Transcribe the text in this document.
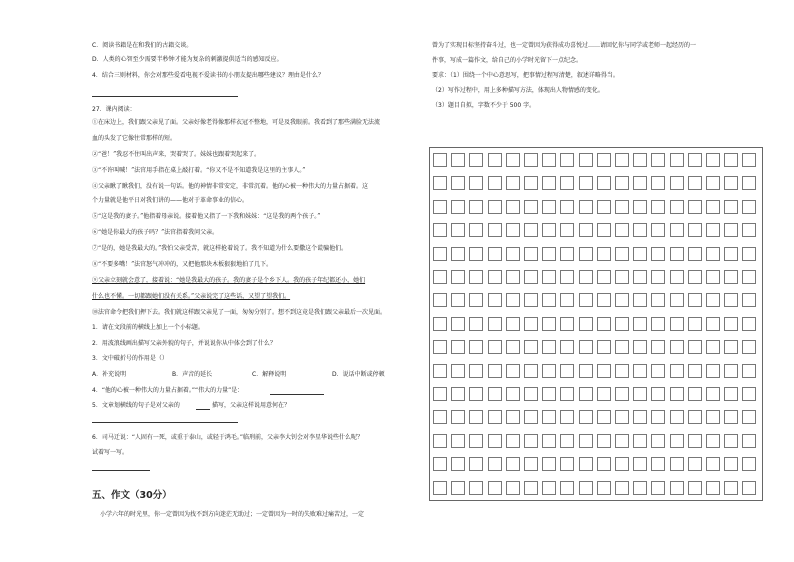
C．阅读书籍是在和我们的古籍交谈。
D．人类的心智至少需要半秒钟才能为复杂的刺激提供适当的感知反应。
4．结合三则材料，你会对那些爱看电视不爱读书的小朋友提出哪些建议？理由是什么？
27．课内阅读：
①在床边上，我们跟父亲见了面。父亲好像老得像那样衣冠不整地，可是及我眼前。我看到了那些满脸无法流
血的头发了它像往常那样的短。
②“爸！”我忍不住叫出声来，哭着哭了。妹妹也跟着哭起来了。
③“不许叫喊！”法官用手指在桌上敲打着。“你又不是不知道我是这里的主事人。”
④父亲瞅了瞅我们，没有说一句话。他的神情非常安定，非常沉着。他的心被一种伟大的力量占据着。这
个力量就是他平日对我们讲的——他对于革命事业的信心。
⑤“这是我的妻子。”他指着母亲说。接着他又指了一下我和妹妹：“这是我的两个孩子。”
⑥“她是你最大的孩子吗？”法官指着我问父亲。
⑦“是的，她是我最大的。”我怕父亲受苦，就这样抢着说了。我不知道为什么要撒这个谎骗他们。
⑧“不要多嘴！”法官怒气冲冲的，又把他那块木板狠狠地拍了几下。
⑨父亲立刻就会意了，接着说：“她是我最大的孩子。我的妻子是个乡下人。我的孩子年纪都还小，她们
什么也不懂。一切都跟她们没有关系。”父亲说完了这些话，又望了望我们。
⑩法官命令把我们押下去。我们就这样跟父亲见了一面，匆匆分别了。想不到这竟是我们跟父亲最后一次见面。
1．请在文段前的横线上加上一个小标题。
2．用波浪线画出描写父亲外貌的句子，并说说你从中体会到了什么？
3．文中破折号的作用是（）
A．补充说明	B．声音的延长	C．解释说明	D．说话中断或停顿
4．“他的心被一种伟大的力量占据着。”“伟大的力量”是：
5．文章划横线的句子是对父亲的	描写，父亲这样说用意何在？
6．司马迁说：“人固有一死，或重于泰山，或轻于鸿毛。”临刑前，父亲李大钊会对李星华说些什么呢？
试着写一写。
五、作文（30分）
小学六年的时光里，你一定曾因为找不到方向迷茫无助过；一定曾因为一时的失败难过痛苦过，一定
曾为了实现目标坚持奋斗过，也一定曾因为获得成功喜悦过……请回忆你与同学或老师一起经历的一
件事，写成一篇作文，给自己的小学时光留下一点纪念。
要求：（1）围绕一个中心意思写，把事情过程写清楚，叙述详略得当。
（2）写作过程中，用上多种描写方法，体现出人物情感的变化。
（3）题目自拟，字数不少于 500 字。
